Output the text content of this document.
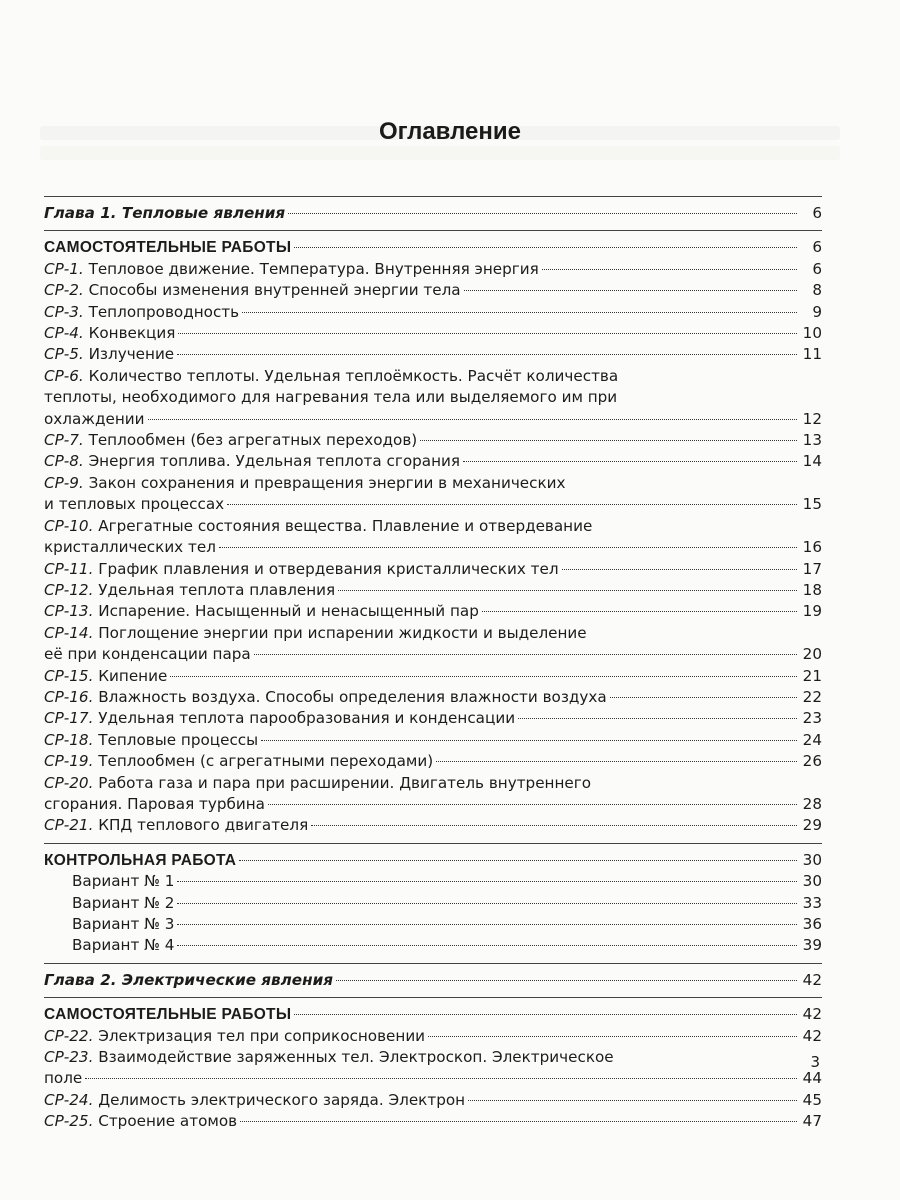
Оглавление
Глава 1. Тепловые явления	6
САМОСТОЯТЕЛЬНЫЕ РАБОТЫ	6
СР-1. Тепловое движение. Температура. Внутренняя энергия	6
СР-2. Способы изменения внутренней энергии тела	8
СР-3. Теплопроводность	9
СР-4. Конвекция	10
СР-5. Излучение	11
СР-6. Количество теплоты. Удельная теплоёмкость. Расчёт количества
теплоты, необходимого для нагревания тела или выделяемого им при
охлаждении	12
СР-7. Теплообмен (без агрегатных переходов)	13
СР-8. Энергия топлива. Удельная теплота сгорания	14
СР-9. Закон сохранения и превращения энергии в механических
и тепловых процессах	15
СР-10. Агрегатные состояния вещества. Плавление и отвердевание
кристаллических тел	16
СР-11. График плавления и отвердевания кристаллических тел	17
СР-12. Удельная теплота плавления	18
СР-13. Испарение. Насыщенный и ненасыщенный пар	19
СР-14. Поглощение энергии при испарении жидкости и выделение
её при конденсации пара	20
СР-15. Кипение	21
СР-16. Влажность воздуха. Способы определения влажности воздуха	22
СР-17. Удельная теплота парообразования и конденсации	23
СР-18. Тепловые процессы	24
СР-19. Теплообмен (с агрегатными переходами)	26
СР-20. Работа газа и пара при расширении. Двигатель внутреннего
сгорания. Паровая турбина	28
СР-21. КПД теплового двигателя	29
КОНТРОЛЬНАЯ РАБОТА	30
Вариант № 1	30
Вариант № 2	33
Вариант № 3	36
Вариант № 4	39
Глава 2. Электрические явления	42
САМОСТОЯТЕЛЬНЫЕ РАБОТЫ	42
СР-22. Электризация тел при соприкосновении	42
СР-23. Взаимодействие заряженных тел. Электроскоп. Электрическое
поле	44
СР-24. Делимость электрического заряда. Электрон	45
СР-25. Строение атомов	47
3
